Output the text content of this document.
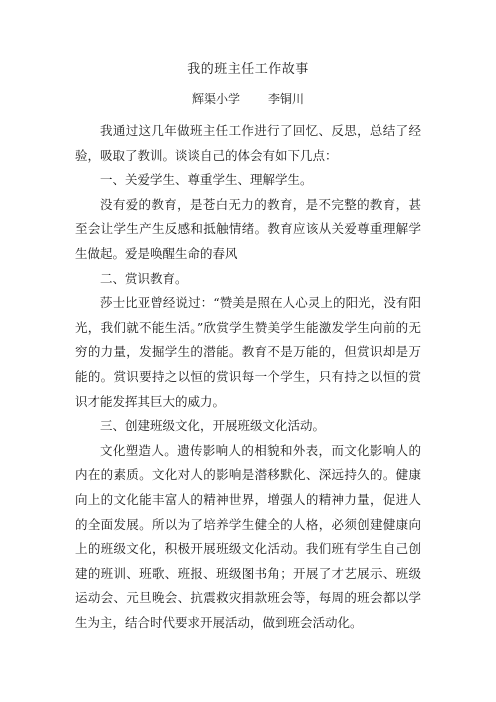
我的班主任工作故事
辉渠小学 李铜川

我通过这几年做班主任工作进行了回忆、反思，总结了经验，吸取了教训。谈谈自己的体会有如下几点：

一、关爱学生、尊重学生、理解学生。

没有爱的教育，是苍白无力的教育，是不完整的教育，甚至会让学生产生反感和抵触情绪。教育应该从关爱尊重理解学生做起。爱是唤醒生命的春风

二、赏识教育。

莎士比亚曾经说过：“赞美是照在人心灵上的阳光，没有阳光，我们就不能生活。”欣赏学生赞美学生能激发学生向前的无穷的力量，发掘学生的潜能。教育不是万能的，但赏识却是万能的。赏识要持之以恒的赏识每一个学生，只有持之以恒的赏识才能发挥其巨大的威力。

三、创建班级文化，开展班级文化活动。

文化塑造人。遗传影响人的相貌和外表，而文化影响人的内在的素质。文化对人的影响是潜移默化、深远持久的。健康向上的文化能丰富人的精神世界，增强人的精神力量，促进人的全面发展。所以为了培养学生健全的人格，必须创建健康向上的班级文化，积极开展班级文化活动。我们班有学生自己创建的班训、班歌、班报、班级图书角；开展了才艺展示、班级运动会、元旦晚会、抗震救灾捐款班会等，每周的班会都以学生为主，结合时代要求开展活动，做到班会活动化。
